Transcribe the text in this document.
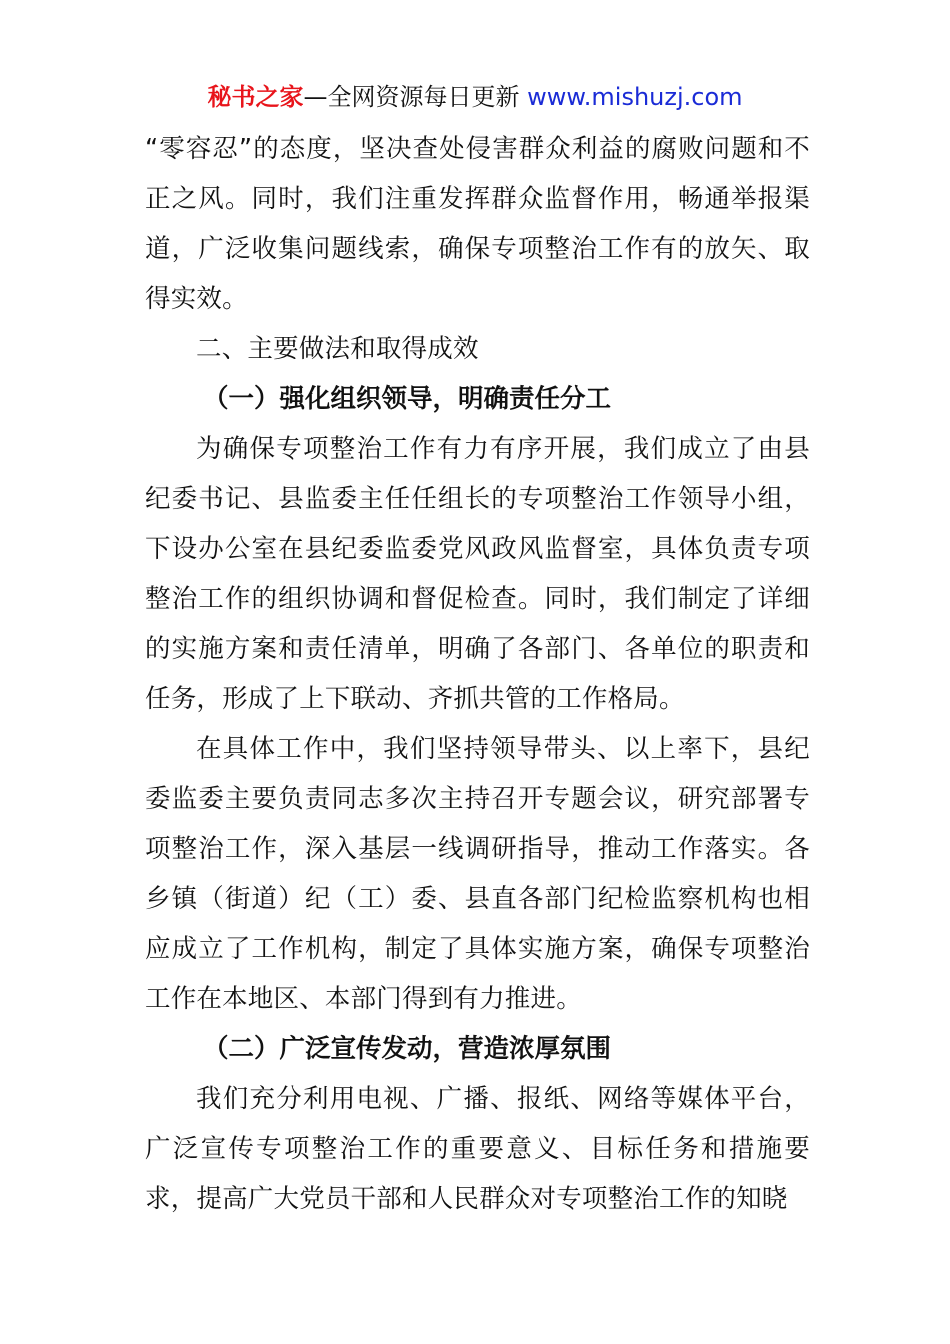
秘书之家—全网资源每日更新 www.mishuzj.com

“零容忍”的态度，坚决查处侵害群众利益的腐败问题和不正之风。同时，我们注重发挥群众监督作用，畅通举报渠道，广泛收集问题线索，确保专项整治工作有的放矢、取得实效。

二、主要做法和取得成效

（一）强化组织领导，明确责任分工

为确保专项整治工作有力有序开展，我们成立了由县纪委书记、县监委主任任组长的专项整治工作领导小组，下设办公室在县纪委监委党风政风监督室，具体负责专项整治工作的组织协调和督促检查。同时，我们制定了详细的实施方案和责任清单，明确了各部门、各单位的职责和任务，形成了上下联动、齐抓共管的工作格局。

在具体工作中，我们坚持领导带头、以上率下，县纪委监委主要负责同志多次主持召开专题会议，研究部署专项整治工作，深入基层一线调研指导，推动工作落实。各乡镇（街道）纪（工）委、县直各部门纪检监察机构也相应成立了工作机构，制定了具体实施方案，确保专项整治工作在本地区、本部门得到有力推进。

（二）广泛宣传发动，营造浓厚氛围

我们充分利用电视、广播、报纸、网络等媒体平台，广泛宣传专项整治工作的重要意义、目标任务和措施要求，提高广大党员干部和人民群众对专项整治工作的知晓
